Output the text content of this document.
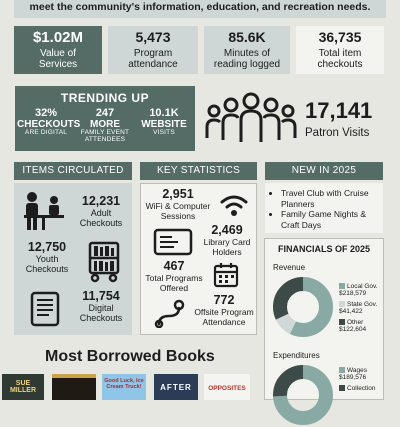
meet the community's information, education, and recreation needs.
$1.02M
Value of
Services
5,473
Program
attendance
85.6K
Minutes of
reading logged
36,735
Total item
checkouts
TRENDING UP
32%
CHECKOUTS
ARE DIGITAL
247
MORE
FAMILY EVENT
ATTENDEES
10.1K
WEBSITE
VISITS
17,141
Patron Visits
ITEMS CIRCULATED	KEY STATISTICS	NEW IN 2025
12,231
Adult
Checkouts
12,750
Youth
Checkouts
11,754
Digital
Checkouts
2,951
WiFi & Computer
Sessions
2,469
Library Card
Holders
467
Total Programs
Offered
772
Offsite Program
Attendance
• Travel Club with Cruise Planners
• Family Game Nights & Craft Days
FINANCIALS OF 2025
Revenue
Local Gov.
$218,579
State Gov.
$41,422
Other
$122,604
Expenditures
Wages
$189,576
Collection
Most Borrowed Books
SUE MILLER
Good Luck, Ice Cream Truck!	AFTER	OPPOSITES
